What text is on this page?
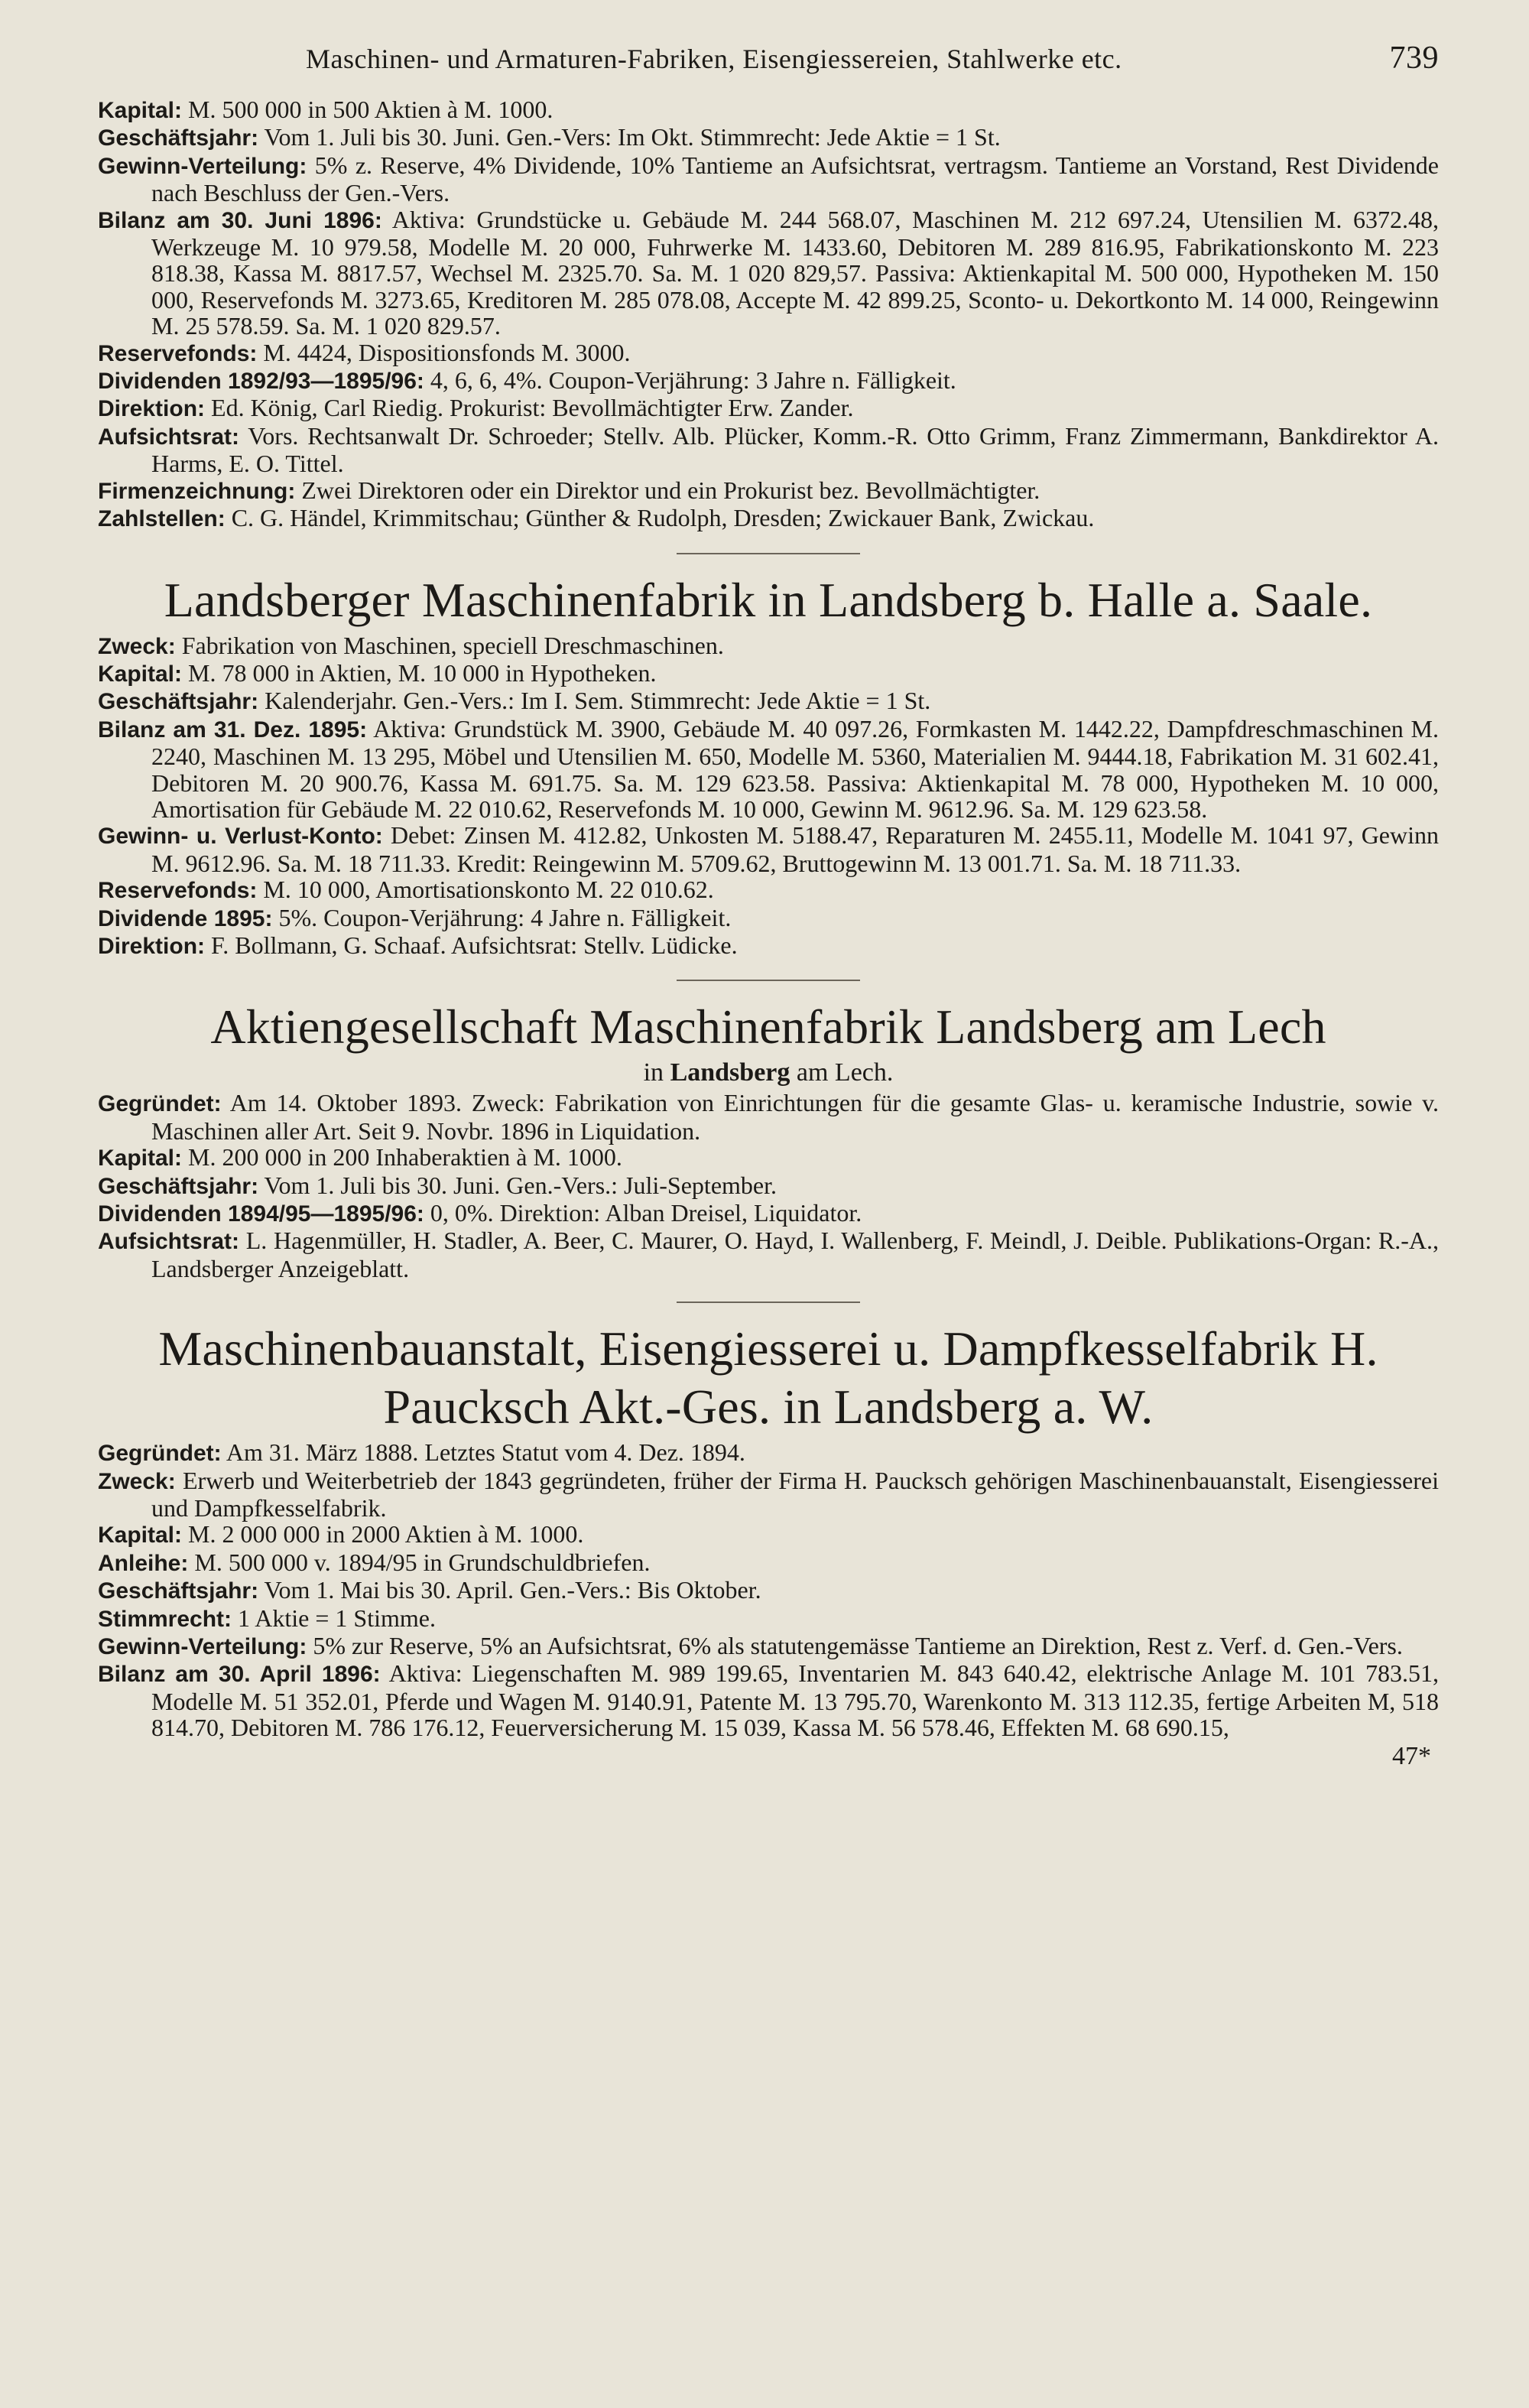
Maschinen- und Armaturen-Fabriken, Eisengiessereien, Stahlwerke etc.	739

Kapital: M. 500 000 in 500 Aktien à M. 1000.

Geschäftsjahr: Vom 1. Juli bis 30. Juni. Gen.-Vers: Im Okt. Stimmrecht: Jede Aktie = 1 St.

Gewinn-Verteilung: 5% z. Reserve, 4% Dividende, 10% Tantieme an Aufsichtsrat, vertragsm. Tantieme an Vorstand, Rest Dividende nach Beschluss der Gen.-Vers.

Bilanz am 30. Juni 1896: Aktiva: Grundstücke u. Gebäude M. 244 568.07, Maschinen M. 212 697.24, Utensilien M. 6372.48, Werkzeuge M. 10 979.58, Modelle M. 20 000, Fuhrwerke M. 1433.60, Debitoren M. 289 816.95, Fabrikationskonto M. 223 818.38, Kassa M. 8817.57, Wechsel M. 2325.70. Sa. M. 1 020 829,57. Passiva: Aktienkapital M. 500 000, Hypotheken M. 150 000, Reservefonds M. 3273.65, Kreditoren M. 285 078.08, Accepte M. 42 899.25, Sconto- u. Dekortkonto M. 14 000, Reingewinn M. 25 578.59. Sa. M. 1 020 829.57.

Reservefonds: M. 4424, Dispositionsfonds M. 3000.

Dividenden 1892/93—1895/96: 4, 6, 6, 4%. Coupon-Verjährung: 3 Jahre n. Fälligkeit.

Direktion: Ed. König, Carl Riedig. Prokurist: Bevollmächtigter Erw. Zander.

Aufsichtsrat: Vors. Rechtsanwalt Dr. Schroeder; Stellv. Alb. Plücker, Komm.-R. Otto Grimm, Franz Zimmermann, Bankdirektor A. Harms, E. O. Tittel.

Firmenzeichnung: Zwei Direktoren oder ein Direktor und ein Prokurist bez. Bevollmächtigter.

Zahlstellen: C. G. Händel, Krimmitschau; Günther & Rudolph, Dresden; Zwickauer Bank, Zwickau.

Landsberger Maschinenfabrik in Landsberg b. Halle a. Saale.

Zweck: Fabrikation von Maschinen, speciell Dreschmaschinen.

Kapital: M. 78 000 in Aktien, M. 10 000 in Hypotheken.

Geschäftsjahr: Kalenderjahr. Gen.-Vers.: Im I. Sem. Stimmrecht: Jede Aktie = 1 St.

Bilanz am 31. Dez. 1895: Aktiva: Grundstück M. 3900, Gebäude M. 40 097.26, Formkasten M. 1442.22, Dampfdreschmaschinen M. 2240, Maschinen M. 13 295, Möbel und Utensilien M. 650, Modelle M. 5360, Materialien M. 9444.18, Fabrikation M. 31 602.41, Debitoren M. 20 900.76, Kassa M. 691.75. Sa. M. 129 623.58. Passiva: Aktienkapital M. 78 000, Hypotheken M. 10 000, Amortisation für Gebäude M. 22 010.62, Reservefonds M. 10 000, Gewinn M. 9612.96. Sa. M. 129 623.58.

Gewinn- u. Verlust-Konto: Debet: Zinsen M. 412.82, Unkosten M. 5188.47, Reparaturen M. 2455.11, Modelle M. 1041 97, Gewinn M. 9612.96. Sa. M. 18 711.33. Kredit: Reingewinn M. 5709.62, Bruttogewinn M. 13 001.71. Sa. M. 18 711.33.

Reservefonds: M. 10 000, Amortisationskonto M. 22 010.62.

Dividende 1895: 5%. Coupon-Verjährung: 4 Jahre n. Fälligkeit.

Direktion: F. Bollmann, G. Schaaf. Aufsichtsrat: Stellv. Lüdicke.

Aktiengesellschaft Maschinenfabrik Landsberg am Lech
in Landsberg am Lech.

Gegründet: Am 14. Oktober 1893. Zweck: Fabrikation von Einrichtungen für die gesamte Glas- u. keramische Industrie, sowie v. Maschinen aller Art. Seit 9. Novbr. 1896 in Liquidation.

Kapital: M. 200 000 in 200 Inhaberaktien à M. 1000.

Geschäftsjahr: Vom 1. Juli bis 30. Juni. Gen.-Vers.: Juli-September.

Dividenden 1894/95—1895/96: 0, 0%. Direktion: Alban Dreisel, Liquidator.

Aufsichtsrat: L. Hagenmüller, H. Stadler, A. Beer, C. Maurer, O. Hayd, I. Wallenberg, F. Meindl, J. Deible. Publikations-Organ: R.-A., Landsberger Anzeigeblatt.

Maschinenbauanstalt, Eisengiesserei u. Dampfkesselfabrik H. Paucksch Akt.-Ges. in Landsberg a. W.

Gegründet: Am 31. März 1888. Letztes Statut vom 4. Dez. 1894.

Zweck: Erwerb und Weiterbetrieb der 1843 gegründeten, früher der Firma H. Paucksch gehörigen Maschinenbauanstalt, Eisengiesserei und Dampfkesselfabrik.

Kapital: M. 2 000 000 in 2000 Aktien à M. 1000.

Anleihe: M. 500 000 v. 1894/95 in Grundschuldbriefen.

Geschäftsjahr: Vom 1. Mai bis 30. April. Gen.-Vers.: Bis Oktober.

Stimmrecht: 1 Aktie = 1 Stimme.

Gewinn-Verteilung: 5% zur Reserve, 5% an Aufsichtsrat, 6% als statutengemässe Tantieme an Direktion, Rest z. Verf. d. Gen.-Vers.

Bilanz am 30. April 1896: Aktiva: Liegenschaften M. 989 199.65, Inventarien M. 843 640.42, elektrische Anlage M. 101 783.51, Modelle M. 51 352.01, Pferde und Wagen M. 9140.91, Patente M. 13 795.70, Warenkonto M. 313 112.35, fertige Arbeiten M, 518 814.70, Debitoren M. 786 176.12, Feuerversicherung M. 15 039, Kassa M. 56 578.46, Effekten M. 68 690.15,

47*
